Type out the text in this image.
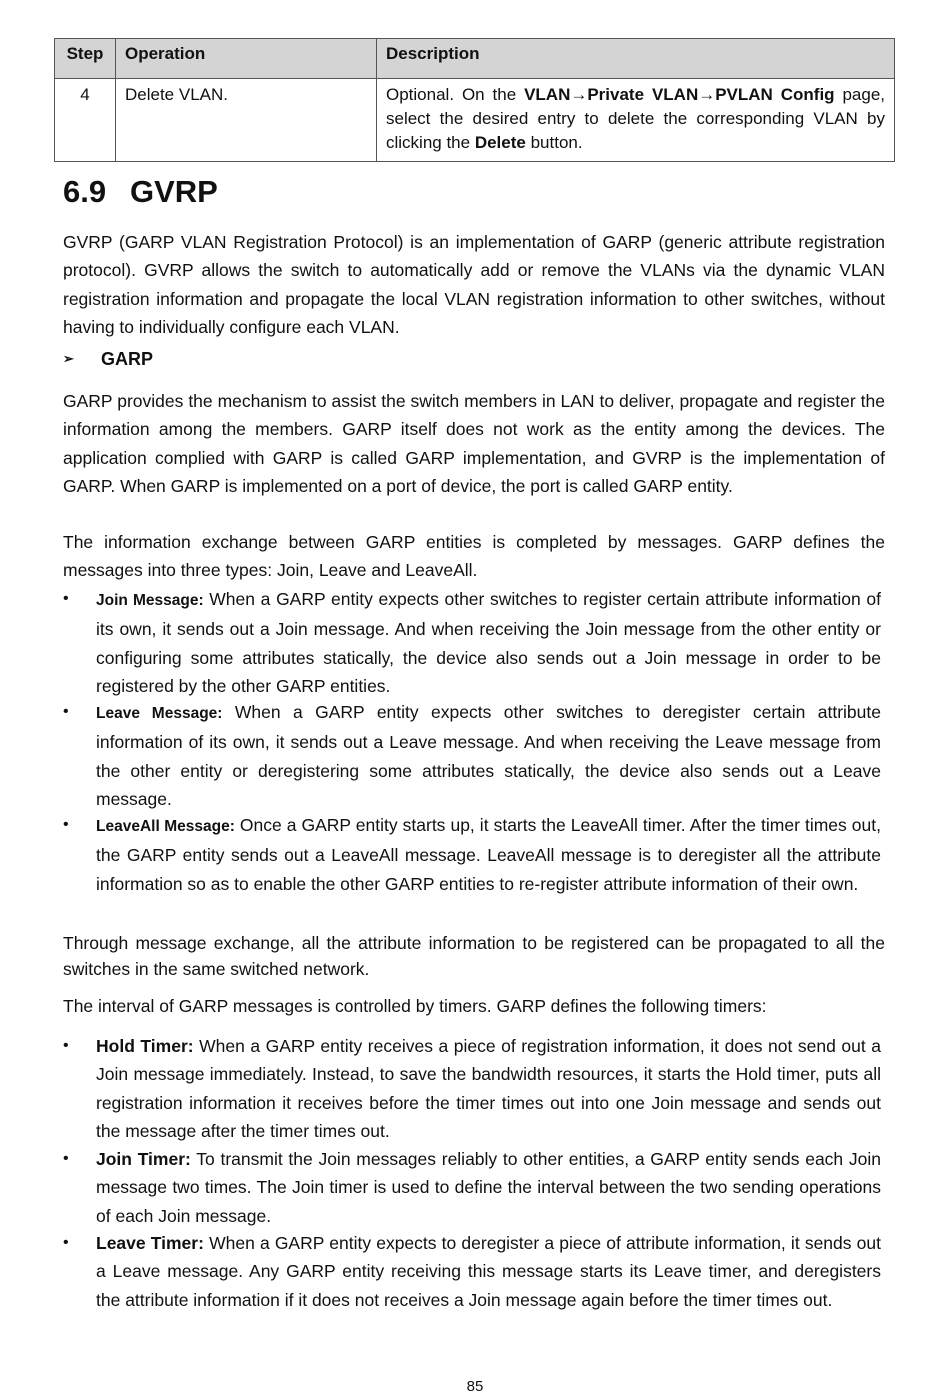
Step	Operation	Description
4	Delete VLAN.	Optional. On the VLAN→Private VLAN→PVLAN Config page, select the desired entry to delete the corresponding VLAN by clicking the Delete button.
6.9 GVRP

GVRP (GARP VLAN Registration Protocol) is an implementation of GARP (generic attribute registration protocol). GVRP allows the switch to automatically add or remove the VLANs via the dynamic VLAN registration information and propagate the local VLAN registration information to other switches, without having to individually configure each VLAN.

➢ GARP

GARP provides the mechanism to assist the switch members in LAN to deliver, propagate and register the information among the members. GARP itself does not work as the entity among the devices. The application complied with GARP is called GARP implementation, and GVRP is the implementation of GARP. When GARP is implemented on a port of device, the port is called GARP entity.

The information exchange between GARP entities is completed by messages. GARP defines the messages into three types: Join, Leave and LeaveAll.

•	Join Message: When a GARP entity expects other switches to register certain attribute information of its own, it sends out a Join message. And when receiving the Join message from the other entity or configuring some attributes statically, the device also sends out a Join message in order to be registered by the other GARP entities.
•	Leave Message: When a GARP entity expects other switches to deregister certain attribute information of its own, it sends out a Leave message. And when receiving the Leave message from the other entity or deregistering some attributes statically, the device also sends out a Leave message.
•	LeaveAll Message: Once a GARP entity starts up, it starts the LeaveAll timer. After the timer times out, the GARP entity sends out a LeaveAll message. LeaveAll message is to deregister all the attribute information so as to enable the other GARP entities to re-register attribute information of their own.

Through message exchange, all the attribute information to be registered can be propagated to all the switches in the same switched network.

The interval of GARP messages is controlled by timers. GARP defines the following timers:

•	Hold Timer: When a GARP entity receives a piece of registration information, it does not send out a Join message immediately. Instead, to save the bandwidth resources, it starts the Hold timer, puts all registration information it receives before the timer times out into one Join message and sends out the message after the timer times out.
•	Join Timer: To transmit the Join messages reliably to other entities, a GARP entity sends each Join message two times. The Join timer is used to define the interval between the two sending operations of each Join message.
•	Leave Timer: When a GARP entity expects to deregister a piece of attribute information, it sends out a Leave message. Any GARP entity receiving this message starts its Leave timer, and deregisters the attribute information if it does not receives a Join message again before the timer times out.
85
